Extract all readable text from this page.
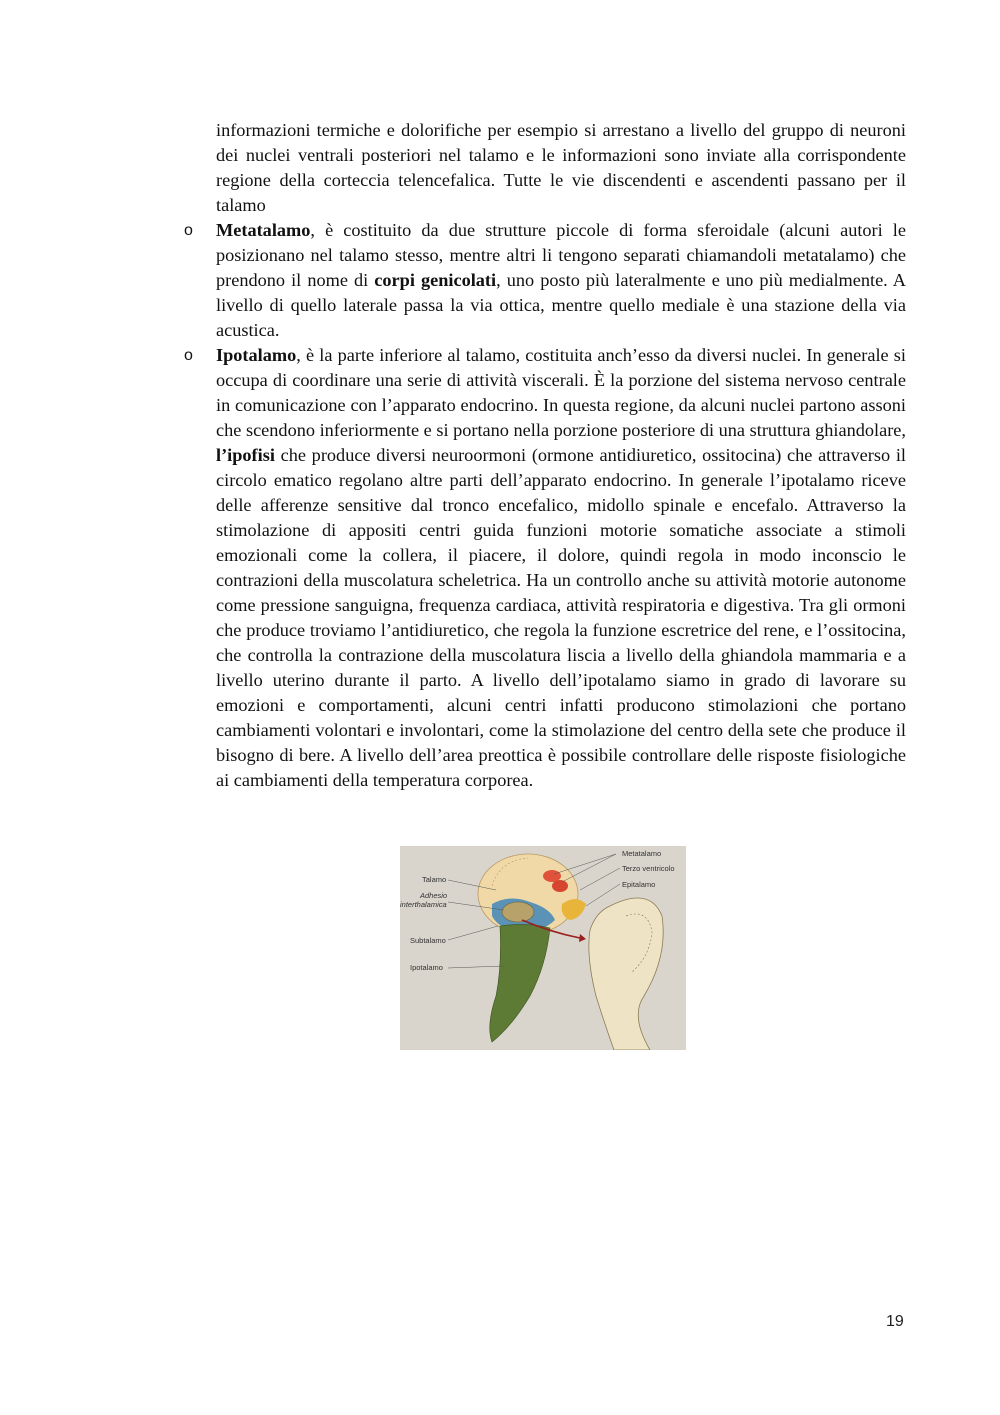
informazioni termiche e dolorifiche per esempio si arrestano a livello del gruppo di neuroni dei nuclei ventrali posteriori nel talamo e le informazioni sono inviate alla corrispondente regione della corteccia telencefalica. Tutte le vie discendenti e ascendenti passano per il talamo

o Metatalamo, è costituito da due strutture piccole di forma sferoidale (alcuni autori le posizionano nel talamo stesso, mentre altri li tengono separati chiamandoli metatalamo) che prendono il nome di corpi genicolati, uno posto più lateralmente e uno più medialmente. A livello di quello laterale passa la via ottica, mentre quello mediale è una stazione della via acustica.

o Ipotalamo, è la parte inferiore al talamo, costituita anch’esso da diversi nuclei. In generale si occupa di coordinare una serie di attività viscerali. È la porzione del sistema nervoso centrale in comunicazione con l’apparato endocrino. In questa regione, da alcuni nuclei partono assoni che scendono inferiormente e si portano nella porzione posteriore di una struttura ghiandolare, l’ipofisi che produce diversi neuroormoni (ormone antidiuretico, ossitocina) che attraverso il circolo ematico regolano altre parti dell’apparato endocrino. In generale l’ipotalamo riceve delle afferenze sensitive dal tronco encefalico, midollo spinale e encefalo. Attraverso la stimolazione di appositi centri guida funzioni motorie somatiche associate a stimoli emozionali come la collera, il piacere, il dolore, quindi regola in modo inconscio le contrazioni della muscolatura scheletrica. Ha un controllo anche su attività motorie autonome come pressione sanguigna, frequenza cardiaca, attività respiratoria e digestiva. Tra gli ormoni che produce troviamo l’antidiuretico, che regola la funzione escretrice del rene, e l’ossitocina, che controlla la contrazione della muscolatura liscia a livello della ghiandola mammaria e a livello uterino durante il parto. A livello dell’ipotalamo siamo in grado di lavorare su emozioni e comportamenti, alcuni centri infatti producono stimolazioni che portano cambiamenti volontari e involontari, come la stimolazione del centro della sete che produce il bisogno di bere. A livello dell’area preottica è possibile controllare delle risposte fisiologiche ai cambiamenti della temperatura corporea.

Metatalamo
Terzo ventricolo
Epitalamo
Talamo
Adhesio
interthalamica
Subtalamo
Ipotalamo
19
